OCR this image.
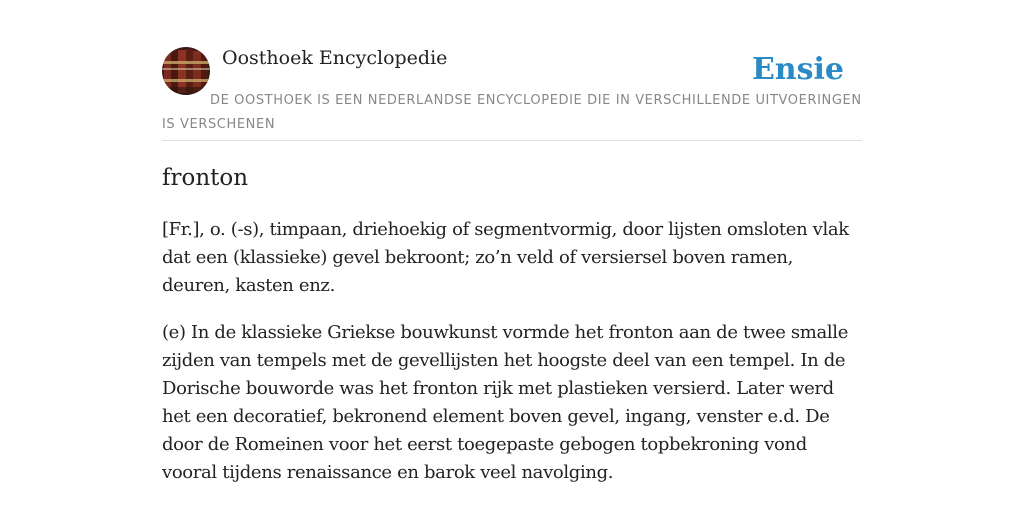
Oosthoek Encyclopedie	Ensie
DE OOSTHOEK IS EEN NEDERLANDSE ENCYCLOPEDIE DIE IN VERSCHILLENDE UITVOERINGEN IS VERSCHENEN
fronton

[Fr.], o. (-s), timpaan, driehoekig of segmentvormig, door lijsten omsloten vlak dat een (klassieke) gevel bekroont; zo’n veld of versiersel boven ramen, deuren, kasten enz.

(e) In de klassieke Griekse bouwkunst vormde het fronton aan de twee smalle zijden van tempels met de gevellijsten het hoogste deel van een tempel. In de Dorische bouworde was het fronton rijk met plastieken versierd. Later werd het een decoratief, bekronend element boven gevel, ingang, venster e.d. De door de Romeinen voor het eerst toegepaste gebogen topbekroning vond vooral tijdens renaissance en barok veel navolging.
